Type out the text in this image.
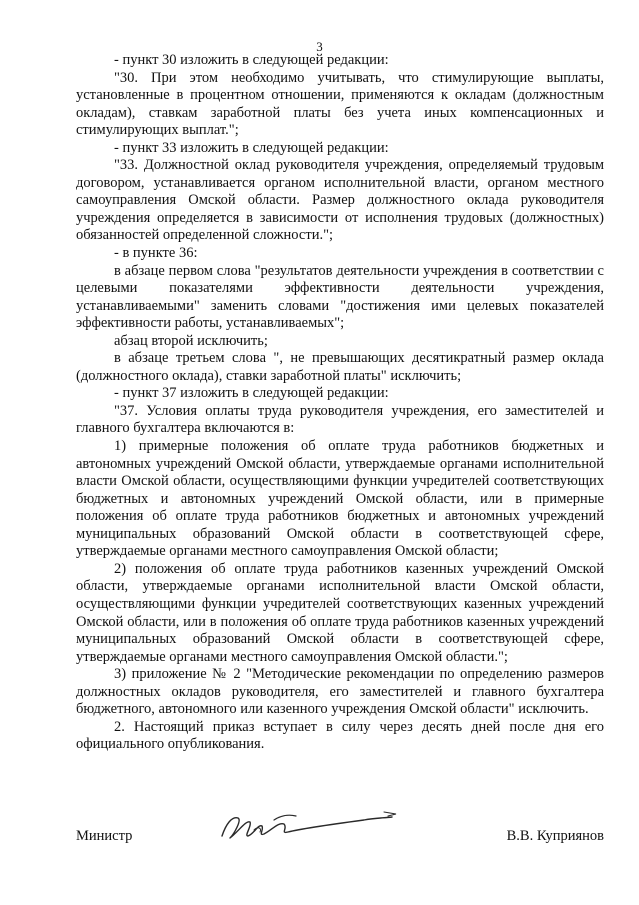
3

- пункт 30 изложить в следующей редакции:

"30. При этом необходимо учитывать, что стимулирующие выплаты, установленные в процентном отношении, применяются к окладам (должностным окладам), ставкам заработной платы без учета иных компенсационных и стимулирующих выплат.";

- пункт 33 изложить в следующей редакции:

"33. Должностной оклад руководителя учреждения, определяемый трудовым договором, устанавливается органом исполнительной власти, органом местного самоуправления Омской области. Размер должностного оклада руководителя учреждения определяется в зависимости от исполнения трудовых (должностных) обязанностей определенной сложности.";

- в пункте 36:

в абзаце первом слова "результатов деятельности учреждения в соответствии с целевыми показателями эффективности деятельности учреждения, устанавливаемыми" заменить словами "достижения ими целевых показателей эффективности работы, устанавливаемых";

абзац второй исключить;

в абзаце третьем слова ", не превышающих десятикратный размер оклада (должностного оклада), ставки заработной платы" исключить;

- пункт 37 изложить в следующей редакции:

"37. Условия оплаты труда руководителя учреждения, его заместителей и главного бухгалтера включаются в:

1) примерные положения об оплате труда работников бюджетных и автономных учреждений Омской области, утверждаемые органами исполнительной власти Омской области, осуществляющими функции учредителей соответствующих бюджетных и автономных учреждений Омской области, или в примерные положения об оплате труда работников бюджетных и автономных учреждений муниципальных образований Омской области в соответствующей сфере, утверждаемые органами местного самоуправления Омской области;

2) положения об оплате труда работников казенных учреждений Омской области, утверждаемые органами исполнительной власти Омской области, осуществляющими функции учредителей соответствующих казенных учреждений Омской области, или в положения об оплате труда работников казенных учреждений муниципальных образований Омской области в соответствующей сфере, утверждаемые органами местного самоуправления Омской области.";

3) приложение № 2 "Методические рекомендации по определению размеров должностных окладов руководителя, его заместителей и главного бухгалтера бюджетного, автономного или казенного учреждения Омской области" исключить.

2. Настоящий приказ вступает в силу через десять дней после дня его официального опубликования.

Министр	В.В. Куприянов
